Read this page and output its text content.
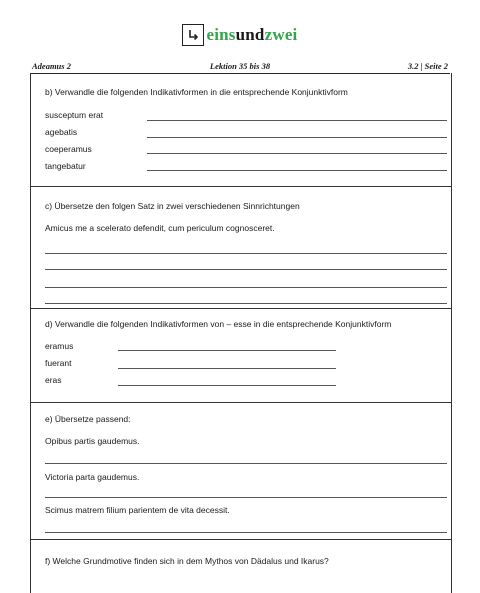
einsundzwei
Adeamus 2	Lektion 35 bis 38	3.2 | Seite 2
b) Verwandle die folgenden Indikativformen in die entsprechende Konjunktivform
susceptum erat
agebatis
coeperamus
tangebatur
c) Übersetze den folgen Satz in zwei verschiedenen Sinnrichtungen
Amicus me a scelerato defendit, cum periculum cognosceret.
d) Verwandle die folgenden Indikativformen von – esse in die entsprechende Konjunktivform
eramus
fuerant
eras
e) Übersetze passend:
Opibus partis gaudemus.
Victoria parta gaudemus.
Scimus matrem filium parientem de vita decessit.
f) Welche Grundmotive finden sich in dem Mythos von Dädalus und Ikarus?
